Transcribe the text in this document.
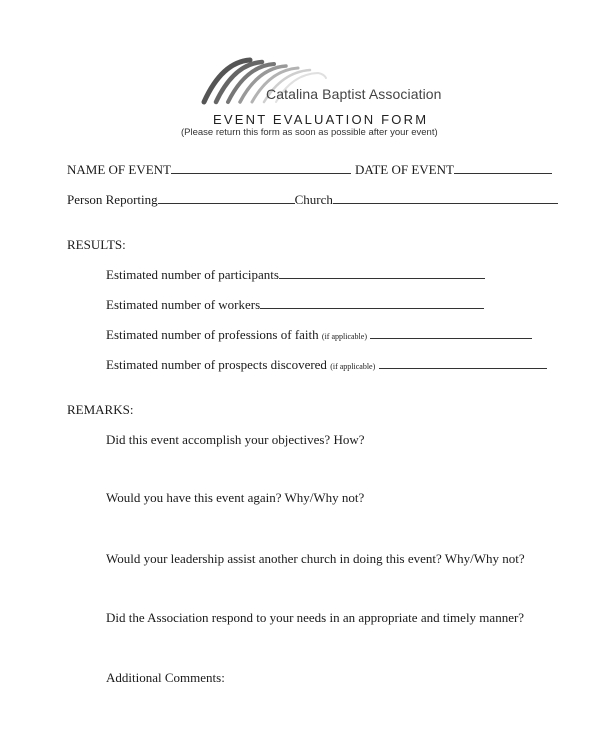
Catalina Baptist Association
EVENT EVALUATION FORM
(Please return this form as soon as possible after your event)
NAME OF EVENT	DATE OF EVENT
Person Reporting	Church
RESULTS:
Estimated number of participants
Estimated number of workers
Estimated number of professions of faith (if applicable)
Estimated number of prospects discovered (if applicable)
REMARKS:
Did this event accomplish your objectives? How?
Would you have this event again? Why/Why not?
Would your leadership assist another church in doing this event? Why/Why not?
Did the Association respond to your needs in an appropriate and timely manner?
Additional Comments:
